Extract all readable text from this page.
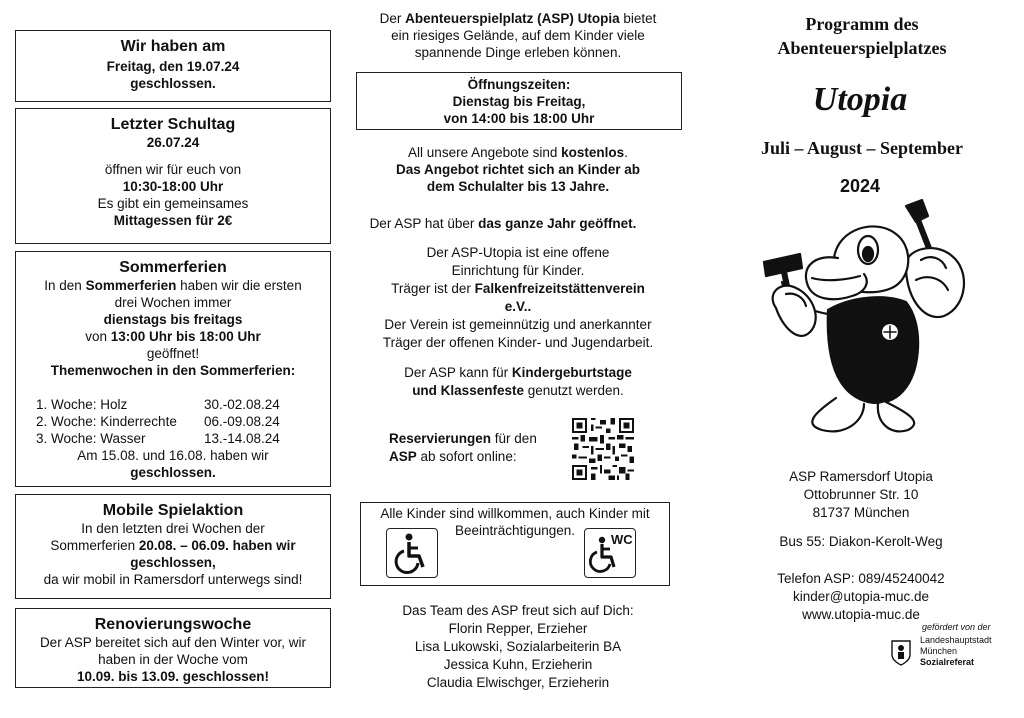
Wir haben am
Freitag, den 19.07.24
geschlossen.
Letzter Schultag
26.07.24
öffnen wir für euch von
10:30-18:00 Uhr
Es gibt ein gemeinsames
Mittagessen für 2€
Sommerferien
In den Sommerferien haben wir die ersten
drei Wochen immer
dienstags bis freitags
von 13:00 Uhr bis 18:00 Uhr
geöffnet!
Themenwochen in den Sommerferien:
1. Woche: Holz	30.-02.08.24
2. Woche: Kinderrechte	06.-09.08.24
3. Woche: Wasser	13.-14.08.24
Am 15.08. und 16.08. haben wir
geschlossen.
Mobile Spielaktion
In den letzten drei Wochen der
Sommerferien 20.08. – 06.09. haben wir
geschlossen,
da wir mobil in Ramersdorf unterwegs sind!
Renovierungswoche
Der ASP bereitet sich auf den Winter vor, wir
haben in der Woche vom
10.09. bis 13.09. geschlossen!
Der Abenteuerspielplatz (ASP) Utopia bietet
ein riesiges Gelände, auf dem Kinder viele
spannende Dinge erleben können.
Öffnungszeiten:
Dienstag bis Freitag,
von 14:00 bis 18:00 Uhr
All unsere Angebote sind kostenlos.
Das Angebot richtet sich an Kinder ab
dem Schulalter bis 13 Jahre.
Der ASP hat über das ganze Jahr geöffnet.
Der ASP-Utopia ist eine offene
Einrichtung für Kinder.
Träger ist der Falkenfreizeitstättenverein
e.V..
Der Verein ist gemeinnützig und anerkannter
Träger der offenen Kinder- und Jugendarbeit.
Der ASP kann für Kindergeburtstage
und Klassenfeste genutzt werden.
Reservierungen für den
ASP ab sofort online:
Alle Kinder sind willkommen, auch Kinder mit
Beeinträchtigungen.
WC
Das Team des ASP freut sich auf Dich:
Florin Repper, Erzieher
Lisa Lukowski, Sozialarbeiterin BA
Jessica Kuhn, Erzieherin
Claudia Elwischger, Erzieherin
Programm des
Abenteuerspielplatzes
Utopia
Juli – August – September
2024
ASP Ramersdorf Utopia
Ottobrunner Str. 10
81737 München
Bus 55: Diakon-Kerolt-Weg
Telefon ASP: 089/45240042
kinder@utopia-muc.de
www.utopia-muc.de
gefördert von der
Landeshauptstadt
München
Sozialreferat
